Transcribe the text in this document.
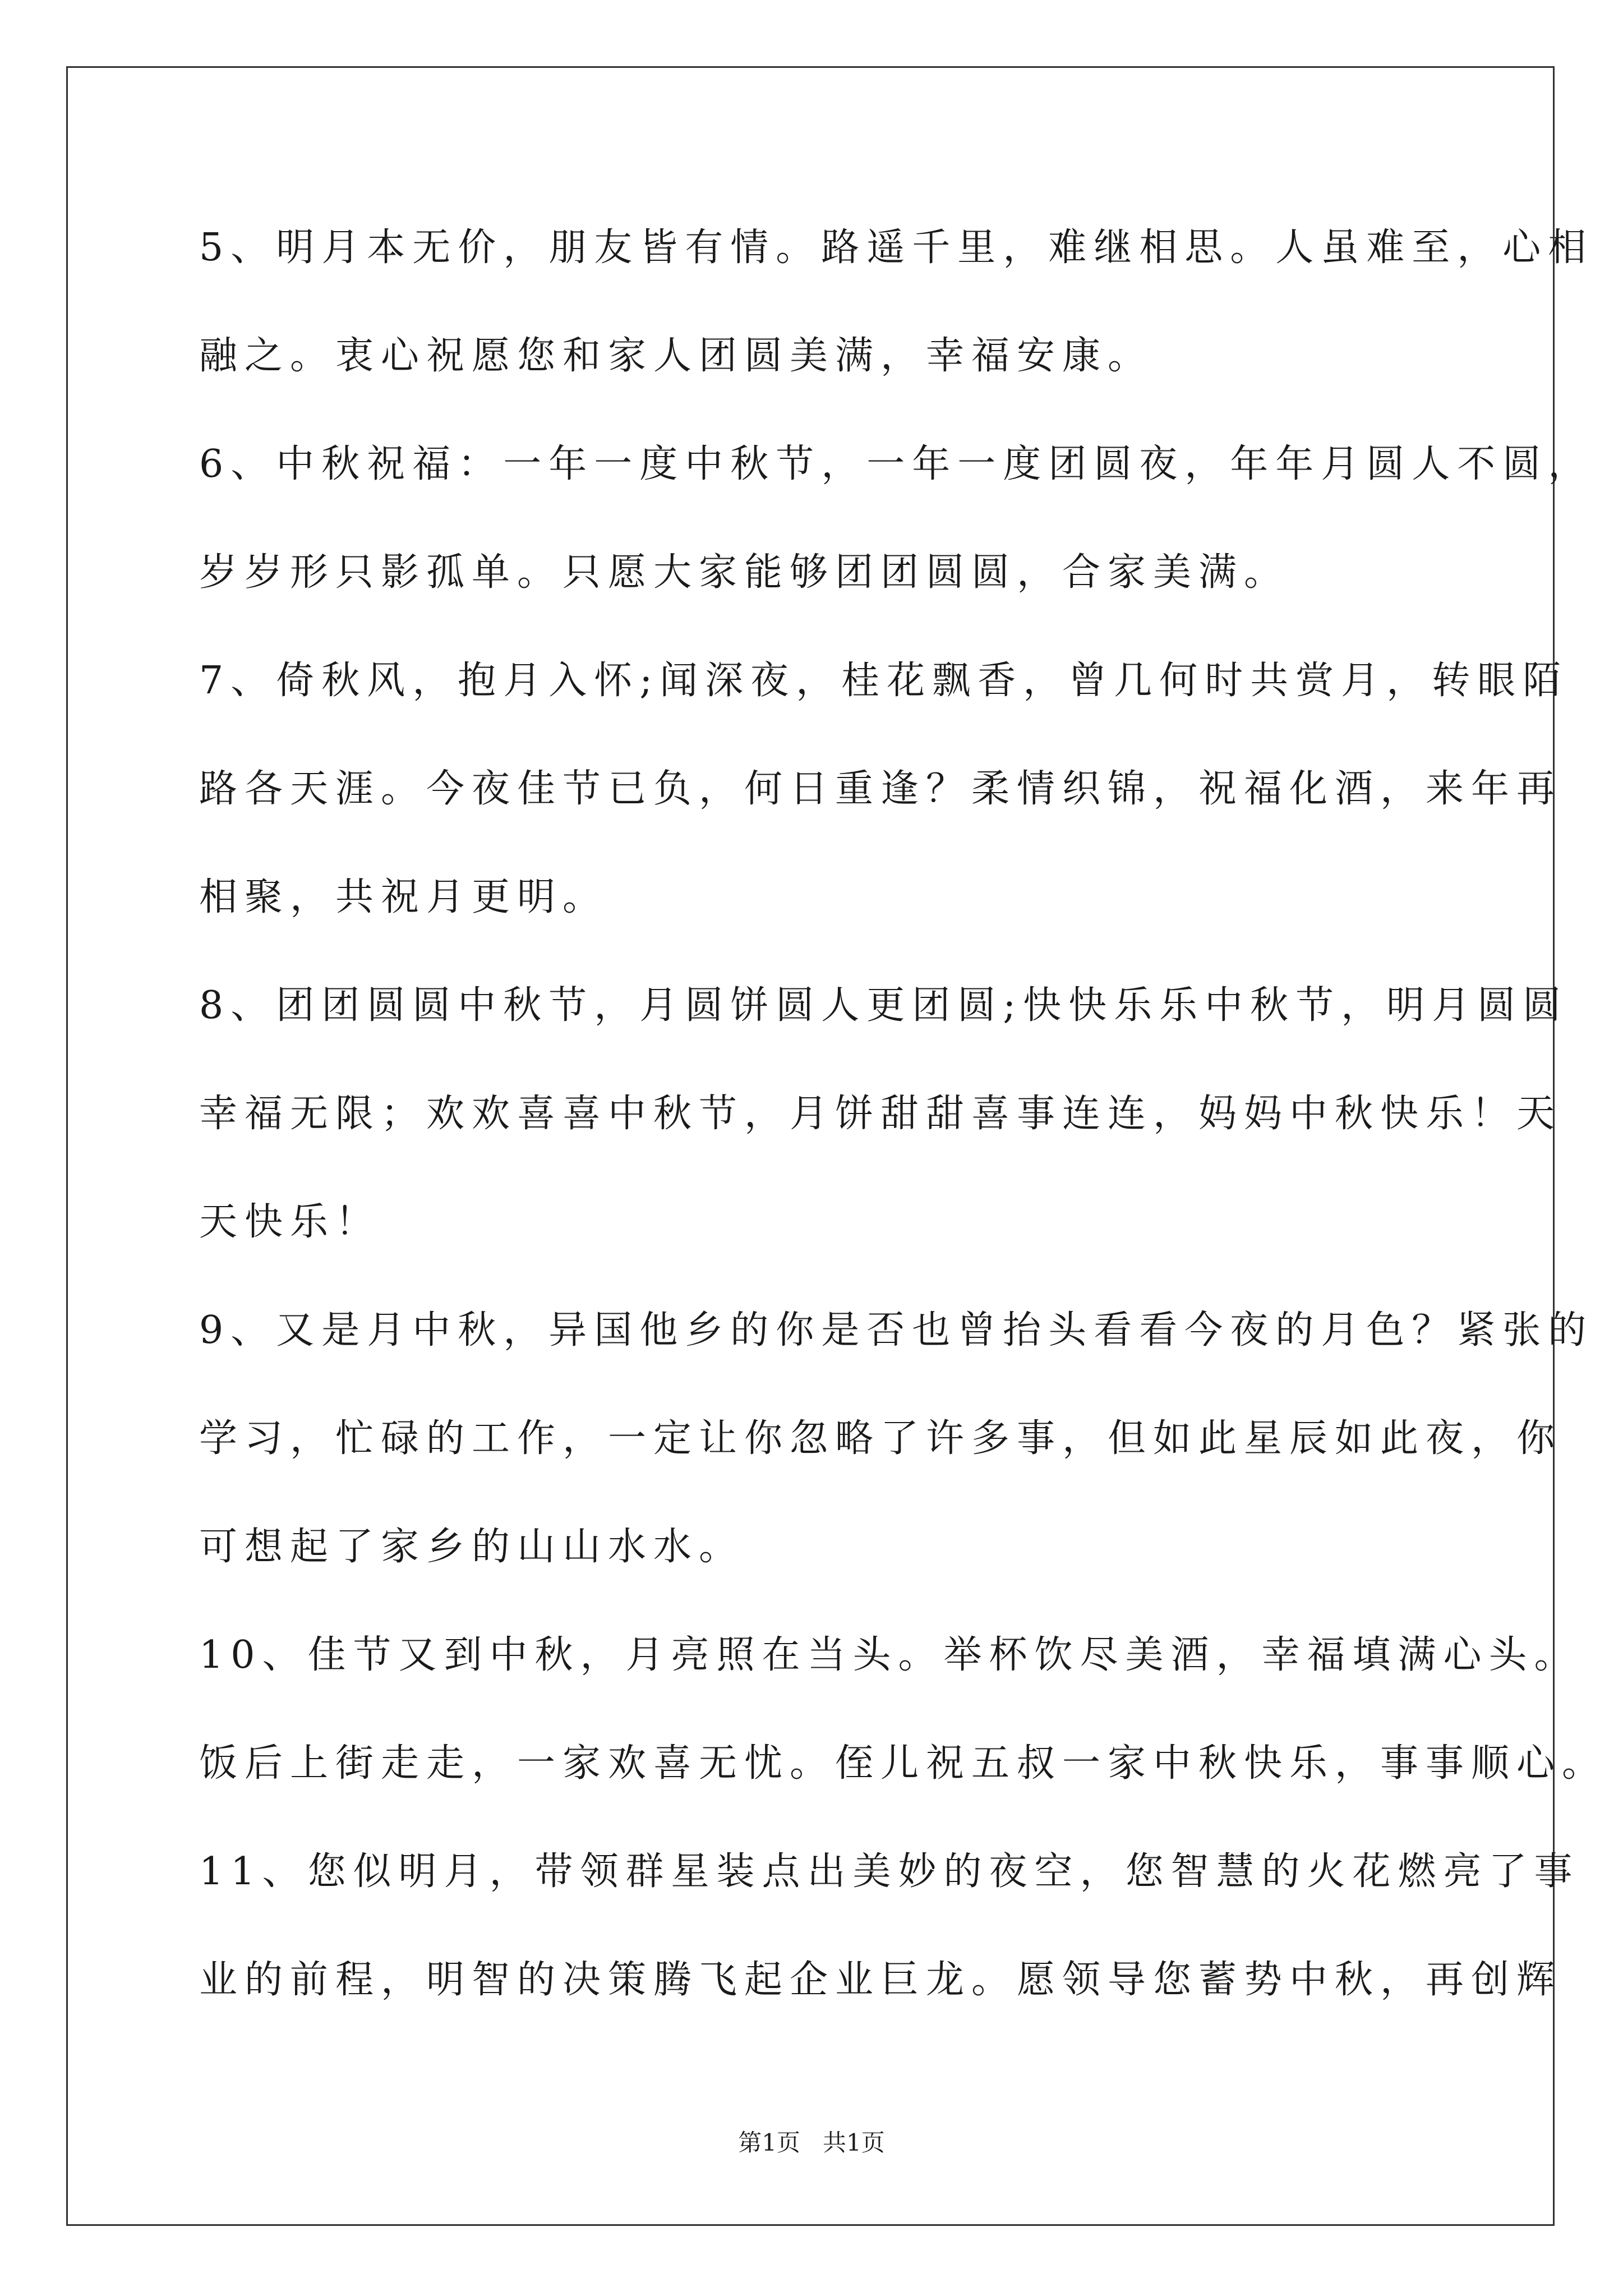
5、明月本无价，朋友皆有情。路遥千里，难继相思。人虽难至，心相
融之。衷心祝愿您和家人团圆美满，幸福安康。
6、中秋祝福：一年一度中秋节，一年一度团圆夜，年年月圆人不圆，
岁岁形只影孤单。只愿大家能够团团圆圆，合家美满。
7、倚秋风，抱月入怀;闻深夜，桂花飘香，曾几何时共赏月，转眼陌
路各天涯。今夜佳节已负，何日重逢？柔情织锦，祝福化酒，来年再
相聚，共祝月更明。
8、团团圆圆中秋节，月圆饼圆人更团圆;快快乐乐中秋节，明月圆圆
幸福无限；欢欢喜喜中秋节，月饼甜甜喜事连连，妈妈中秋快乐！天
天快乐！
9、又是月中秋，异国他乡的你是否也曾抬头看看今夜的月色？紧张的
学习，忙碌的工作，一定让你忽略了许多事，但如此星辰如此夜，你
可想起了家乡的山山水水。
10、佳节又到中秋，月亮照在当头。举杯饮尽美酒，幸福填满心头。
饭后上街走走，一家欢喜无忧。侄儿祝五叔一家中秋快乐，事事顺心。
11、您似明月，带领群星装点出美妙的夜空，您智慧的火花燃亮了事
业的前程，明智的决策腾飞起企业巨龙。愿领导您蓄势中秋，再创辉
第1页 共1页
